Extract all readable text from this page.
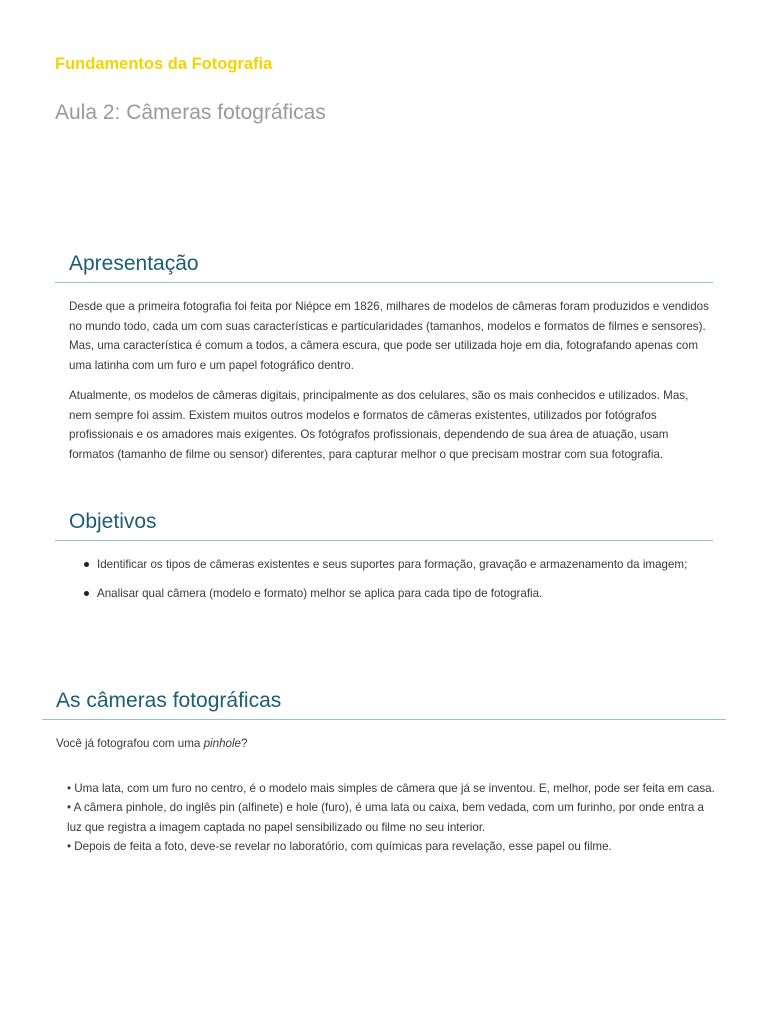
Fundamentos da Fotografia
Aula 2: Câmeras fotográficas
Apresentação

Desde que a primeira fotografia foi feita por Niépce em 1826, milhares de modelos de câmeras foram produzidos e vendidos no mundo todo, cada um com suas características e particularidades (tamanhos, modelos e formatos de filmes e sensores). Mas, uma característica é comum a todos, a câmera escura, que pode ser utilizada hoje em dia, fotografando apenas com uma latinha com um furo e um papel fotográfico dentro.

Atualmente, os modelos de câmeras digitais, principalmente as dos celulares, são os mais conhecidos e utilizados. Mas, nem sempre foi assim. Existem muitos outros modelos e formatos de câmeras existentes, utilizados por fotógrafos profissionais e os amadores mais exigentes. Os fotógrafos profissionais, dependendo de sua área de atuação, usam formatos (tamanho de filme ou sensor) diferentes, para capturar melhor o que precisam mostrar com sua fotografia.

Objetivos
Identificar os tipos de câmeras existentes e seus suportes para formação, gravação e armazenamento da imagem;
Analisar qual câmera (modelo e formato) melhor se aplica para cada tipo de fotografia.
As câmeras fotográficas

Você já fotografou com uma pinhole?

• Uma lata, com um furo no centro, é o modelo mais simples de câmera que já se inventou. E, melhor, pode ser feita em casa.

• A câmera pinhole, do inglês pin (alfinete) e hole (furo), é uma lata ou caixa, bem vedada, com um furinho, por onde entra a luz que registra a imagem captada no papel sensibilizado ou filme no seu interior.

• Depois de feita a foto, deve-se revelar no laboratório, com químicas para revelação, esse papel ou filme.
